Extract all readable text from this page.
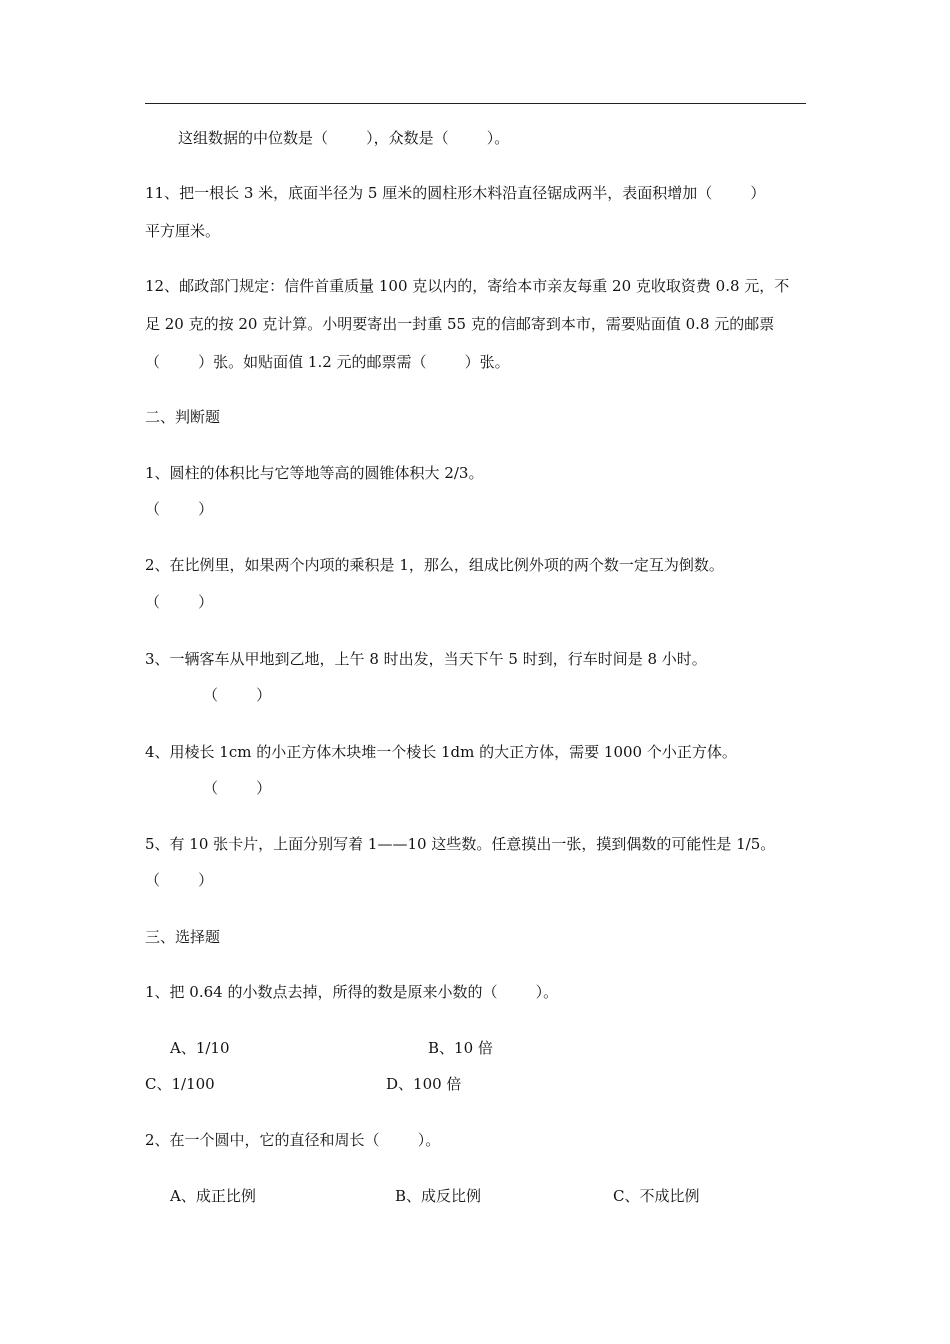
这组数据的中位数是（        ），众数是（        ）。
11、把一根长 3 米，底面半径为 5 厘米的圆柱形木料沿直径锯成两半，表面积增加（        ）
平方厘米。
12、邮政部门规定：信件首重质量 100 克以内的，寄给本市亲友每重 20 克收取资费 0.8 元，不
足 20 克的按 20 克计算。小明要寄出一封重 55 克的信邮寄到本市，需要贴面值 0.8 元的邮票
（        ）张。如贴面值 1.2 元的邮票需（        ）张。
二、判断题
1、圆柱的体积比与它等地等高的圆锥体积大 2/3。
（        ）
2、在比例里，如果两个内项的乘积是 1，那么，组成比例外项的两个数一定互为倒数。
（        ）
3、一辆客车从甲地到乙地，上午 8 时出发，当天下午 5 时到，行车时间是 8 小时。
（        ）
4、用棱长 1cm 的小正方体木块堆一个棱长 1dm 的大正方体，需要 1000 个小正方体。
（        ）
5、有 10 张卡片，上面分别写着 1——10 这些数。任意摸出一张，摸到偶数的可能性是 1/5。
（        ）
三、选择题
1、把 0.64 的小数点去掉，所得的数是原来小数的（        ）。
A、1/10	B、10 倍
C、1/100	D、100 倍
2、在一个圆中，它的直径和周长（        ）。
A、成正比例	B、成反比例	C、不成比例
